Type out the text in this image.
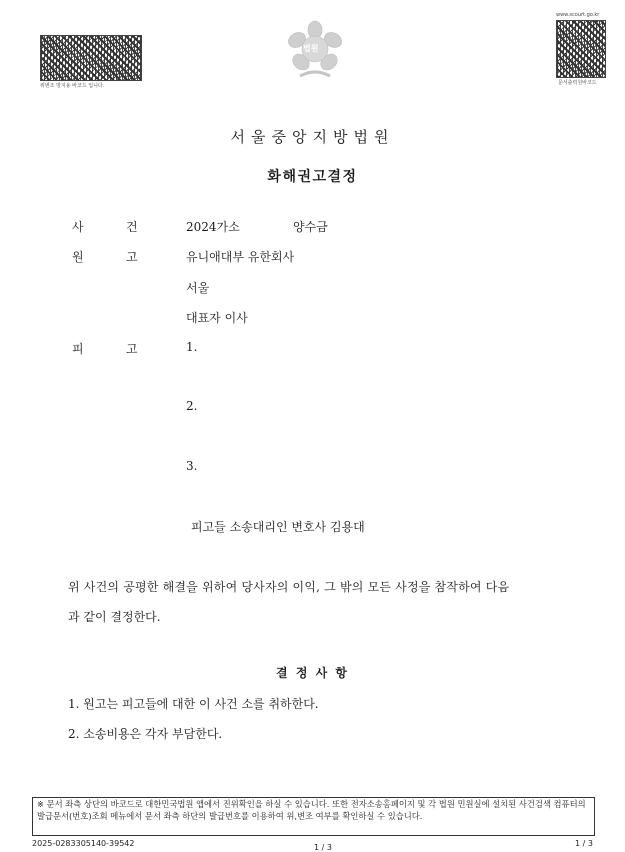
위변조 방지용 바코드 입니다.
법원
www.scourt.go.kr
문서출력원바코드
서울중앙지방법원
화해권고결정
사	건	2024가소	양수금
원	고	유니애대부 유한회사
서울
대표자 이사
피	고	1.
2.
3.
피고들 소송대리인 변호사 김용대
위 사건의 공평한 해결을 위하여 당사자의 이익, 그 밖의 모든 사정을 참작하여 다음
과 같이 결정한다.
결 정 사 항
1. 원고는 피고들에 대한 이 사건 소를 취하한다.
2. 소송비용은 각자 부담한다.
※ 문서 좌측 상단의 바코드로 대한민국법원 앱에서 진위확인을 하실 수 있습니다. 또한 전자소송홈페이지 및 각 법원 민원실에 설치된 사건검색 컴퓨터의 발급문서(번호)조회 메뉴에서 문서 좌측 하단의 발급번호를 이용하여 위,변조 여부를 확인하실 수 있습니다.
2025-0283305140-39542	1 / 3	1 / 3
